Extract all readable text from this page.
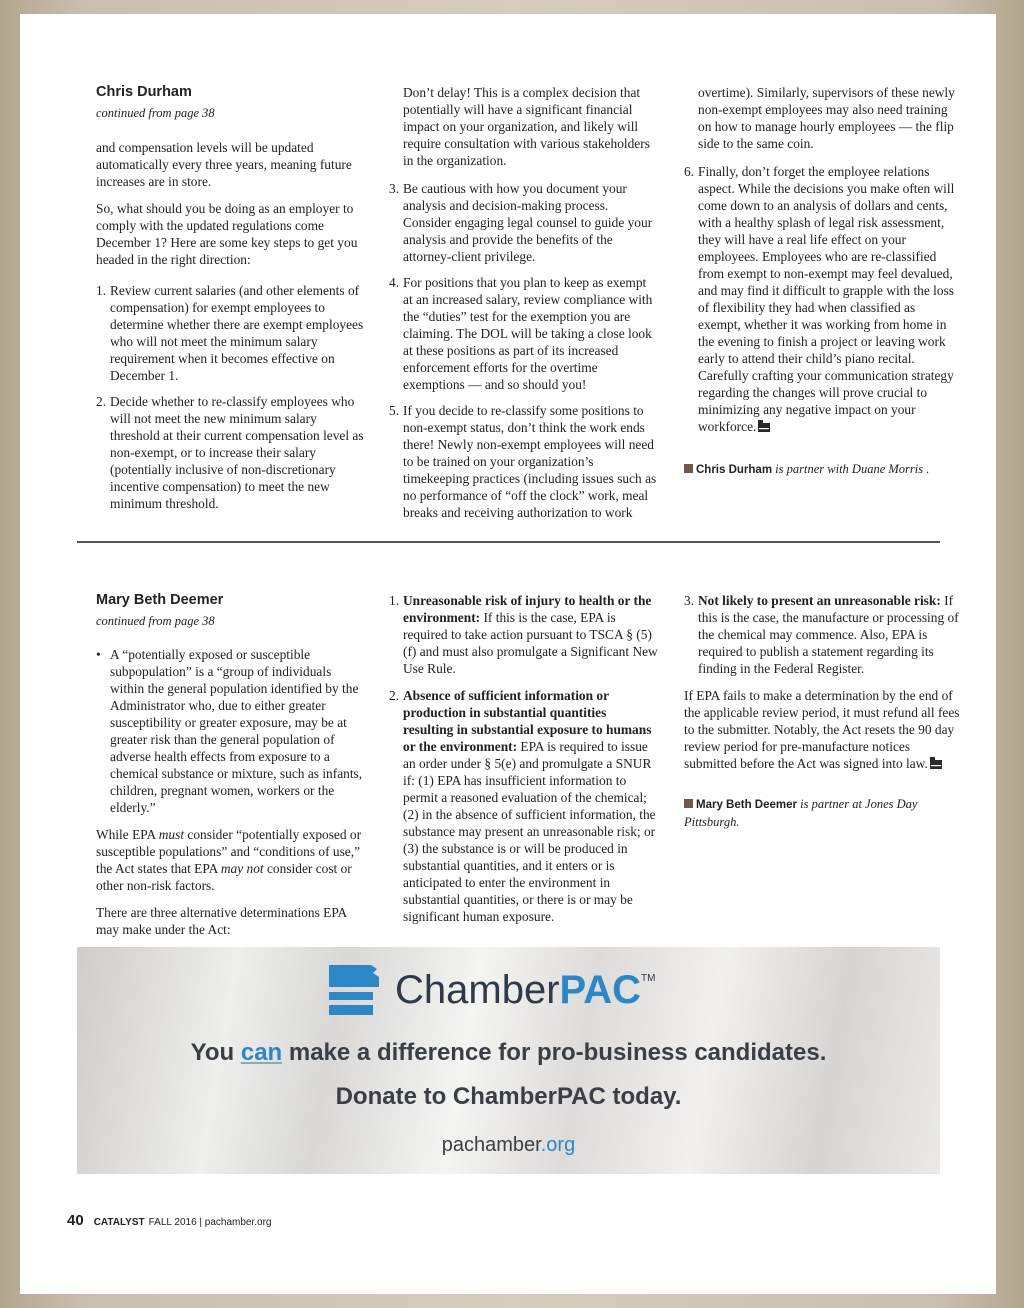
Chris Durham
continued from page 38

and compensation levels will be updated automatically every three years, meaning future increases are in store.

So, what should you be doing as an employer to comply with the updated regulations come December 1? Here are some key steps to get you headed in the right direction:

1. Review current salaries (and other elements of compensation) for exempt employees to determine whether there are exempt employees who will not meet the minimum salary requirement when it becomes effective on December 1.
2. Decide whether to re-classify employees who will not meet the new minimum salary threshold at their current compensation level as non-exempt, or to increase their salary (potentially inclusive of non-discretionary incentive compensation) to meet the new minimum threshold.
Don’t delay! This is a complex decision that potentially will have a significant financial impact on your organization, and likely will require consultation with various stakeholders in the organization.
3. Be cautious with how you document your analysis and decision-making process. Consider engaging legal counsel to guide your analysis and provide the benefits of the attorney-client privilege.
4. For positions that you plan to keep as exempt at an increased salary, review compliance with the “duties” test for the exemption you are claiming. The DOL will be taking a close look at these positions as part of its increased enforcement efforts for the overtime exemptions — and so should you!
5. If you decide to re-classify some positions to non-exempt status, don’t think the work ends there! Newly non-exempt employees will need to be trained on your organization’s timekeeping practices (including issues such as no performance of “off the clock” work, meal breaks and receiving authorization to work
overtime). Similarly, supervisors of these newly non-exempt employees may also need training on how to manage hourly employees — the flip side to the same coin.
6. Finally, don’t forget the employee relations aspect. While the decisions you make often will come down to an analysis of dollars and cents, with a healthy splash of legal risk assessment, they will have a real life effect on your employees. Employees who are re-classified from exempt to non-exempt may feel devalued, and may find it difficult to grapple with the loss of flexibility they had when classified as exempt, whether it was working from home in the evening to finish a project or leaving work early to attend their child’s piano recital. Carefully crafting your communication strategy regarding the changes will prove crucial to minimizing any negative impact on your workforce.
Chris Durham is partner with Duane Morris .
Mary Beth Deemer
continued from page 38
• A “potentially exposed or susceptible subpopulation” is a “group of individuals within the general population identified by the Administrator who, due to either greater susceptibility or greater exposure, may be at greater risk than the general population of adverse health effects from exposure to a chemical substance or mixture, such as infants, children, pregnant women, workers or the elderly.”

While EPA must consider “potentially exposed or susceptible populations” and “conditions of use,” the Act states that EPA may not consider cost or other non-risk factors.

There are three alternative determinations EPA may make under the Act:

1. Unreasonable risk of injury to health or the environment: If this is the case, EPA is required to take action pursuant to TSCA § (5)(f) and must also promulgate a Significant New Use Rule.
2. Absence of sufficient information or production in substantial quantities resulting in substantial exposure to humans or the environment: EPA is required to issue an order under § 5(e) and promulgate a SNUR if: (1) EPA has insufficient information to permit a reasoned evaluation of the chemical; (2) in the absence of sufficient information, the substance may present an unreasonable risk; or (3) the substance is or will be produced in substantial quantities, and it enters or is anticipated to enter the environment in substantial quantities, or there is or may be significant human exposure.
3. Not likely to present an unreasonable risk: If this is the case, the manufacture or processing of the chemical may commence. Also, EPA is required to publish a statement regarding its finding in the Federal Register.

If EPA fails to make a determination by the end of the applicable review period, it must refund all fees to the submitter. Notably, the Act resets the 90 day review period for pre-manufacture notices submitted before the Act was signed into law.

Mary Beth Deemer is partner at Jones Day Pittsburgh.
ChamberPAC™
You can make a difference for pro-business candidates.
Donate to ChamberPAC today.
pachamber.org
40 CATALYST FALL 2016 | pachamber.org
